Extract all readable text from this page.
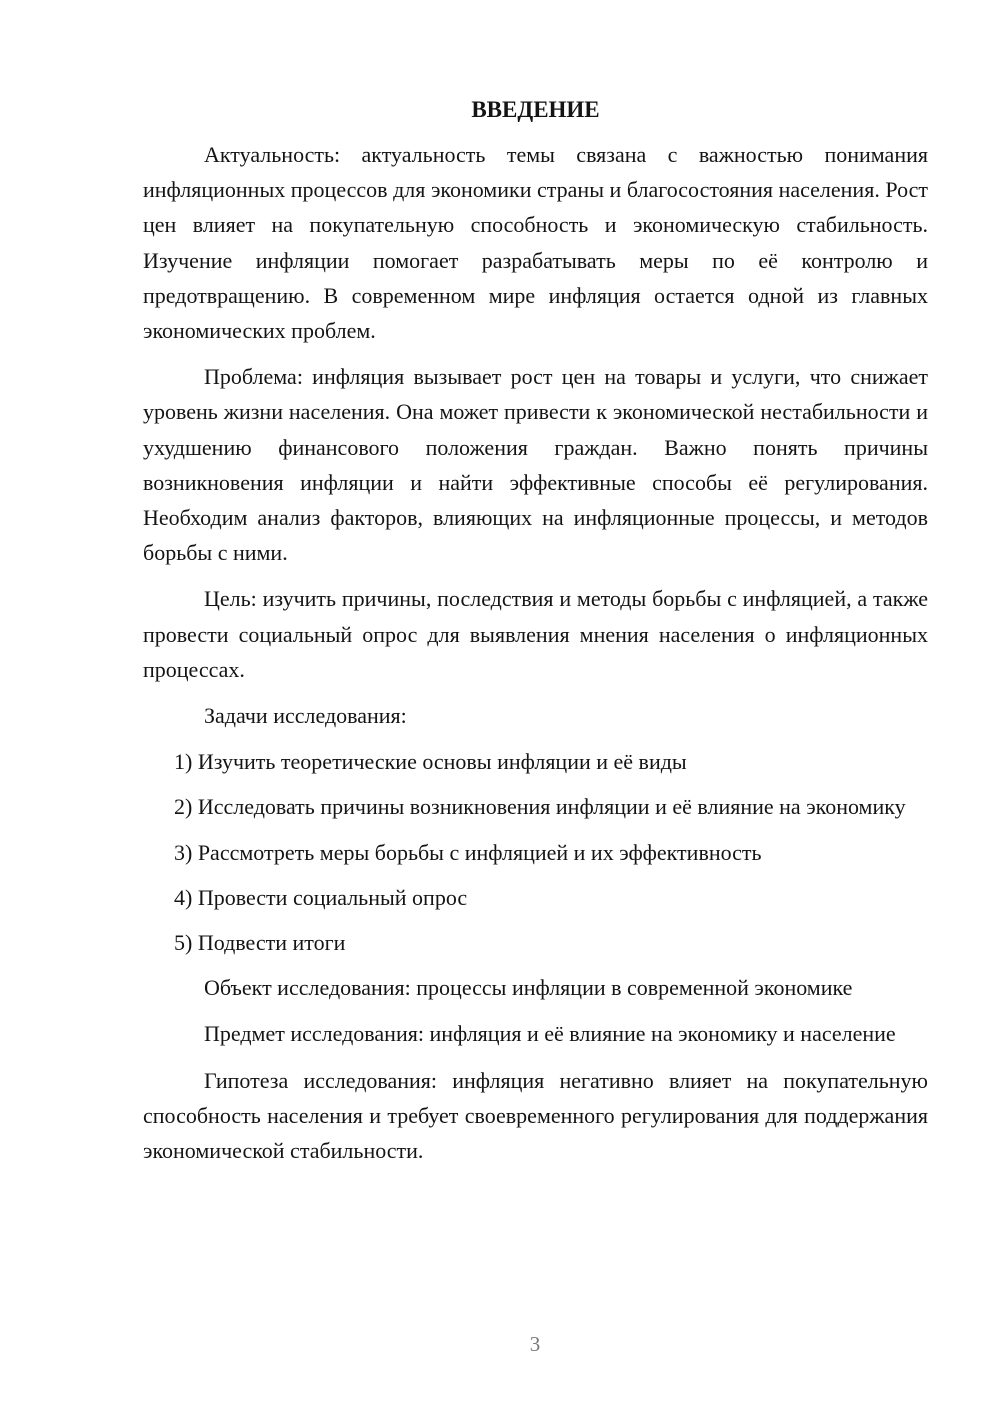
ВВЕДЕНИЕ

Актуальность: актуальность темы связана с важностью понимания инфляционных процессов для экономики страны и благосостояния населения. Рост цен влияет на покупательную способность и экономическую стабильность. Изучение инфляции помогает разрабатывать меры по её контролю и предотвращению. В современном мире инфляция остается одной из главных экономических проблем.

Проблема: инфляция вызывает рост цен на товары и услуги, что снижает уровень жизни населения. Она может привести к экономической нестабильности и ухудшению финансового положения граждан. Важно понять причины возникновения инфляции и найти эффективные способы её регулирования. Необходим анализ факторов, влияющих на инфляционные процессы, и методов борьбы с ними.

Цель: изучить причины, последствия и методы борьбы с инфляцией, а также провести социальный опрос для выявления мнения населения о инфляционных процессах.

Задачи исследования:

1) Изучить теоретические основы инфляции и её виды

2) Исследовать причины возникновения инфляции и её влияние на экономику

3) Рассмотреть меры борьбы с инфляцией и их эффективность

4) Провести социальный опрос

5) Подвести итоги

Объект исследования: процессы инфляции в современной экономике

Предмет исследования: инфляция и её влияние на экономику и население

Гипотеза исследования: инфляция негативно влияет на покупательную способность населения и требует своевременного регулирования для поддержания экономической стабильности.

3
